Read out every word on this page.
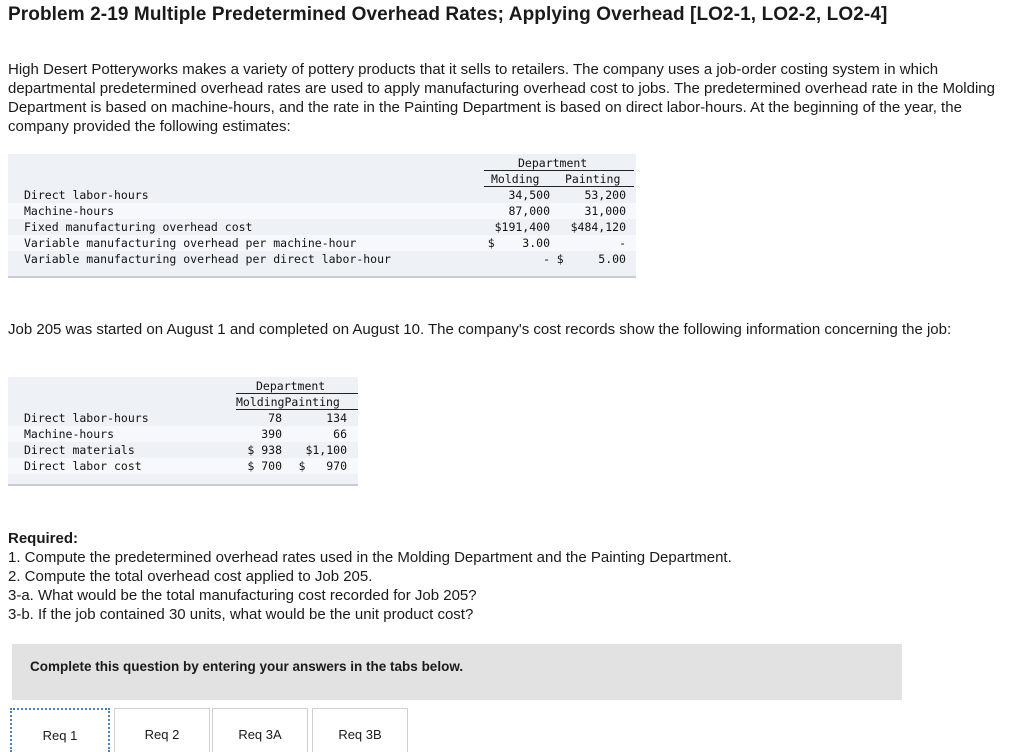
Problem 2-19 Multiple Predetermined Overhead Rates; Applying Overhead [LO2-1, LO2-2, LO2-4]
High Desert Potteryworks makes a variety of pottery products that it sells to retailers. The company uses a job-order costing system in which departmental predetermined overhead rates are used to apply manufacturing overhead cost to jobs. The predetermined overhead rate in the Molding Department is based on machine-hours, and the rate in the Painting Department is based on direct labor-hours. At the beginning of the year, the company provided the following estimates:
Department
Molding Painting
Direct labor-hours	34,500	53,200
Machine-hours	87,000	31,000
Fixed manufacturing overhead cost	$191,400 $484,120
Variable manufacturing overhead per machine-hour	$    3.00	-
Variable manufacturing overhead per direct labor-hour	- $     5.00
Job 205 was started on August 1 and completed on August 10. The company's cost records show the following information concerning the job:
Department
MoldingPainting
Direct labor-hours	78	134
Machine-hours	390	66
Direct materials	$ 938 $1,100
Direct labor cost	$ 700 $   970
Required:
1. Compute the predetermined overhead rates used in the Molding Department and the Painting Department.
2. Compute the total overhead cost applied to Job 205.
3-a. What would be the total manufacturing cost recorded for Job 205?
3-b. If the job contained 30 units, what would be the unit product cost?
Complete this question by entering your answers in the tabs below.
Req 1	Req 2	Req 3A	Req 3B
